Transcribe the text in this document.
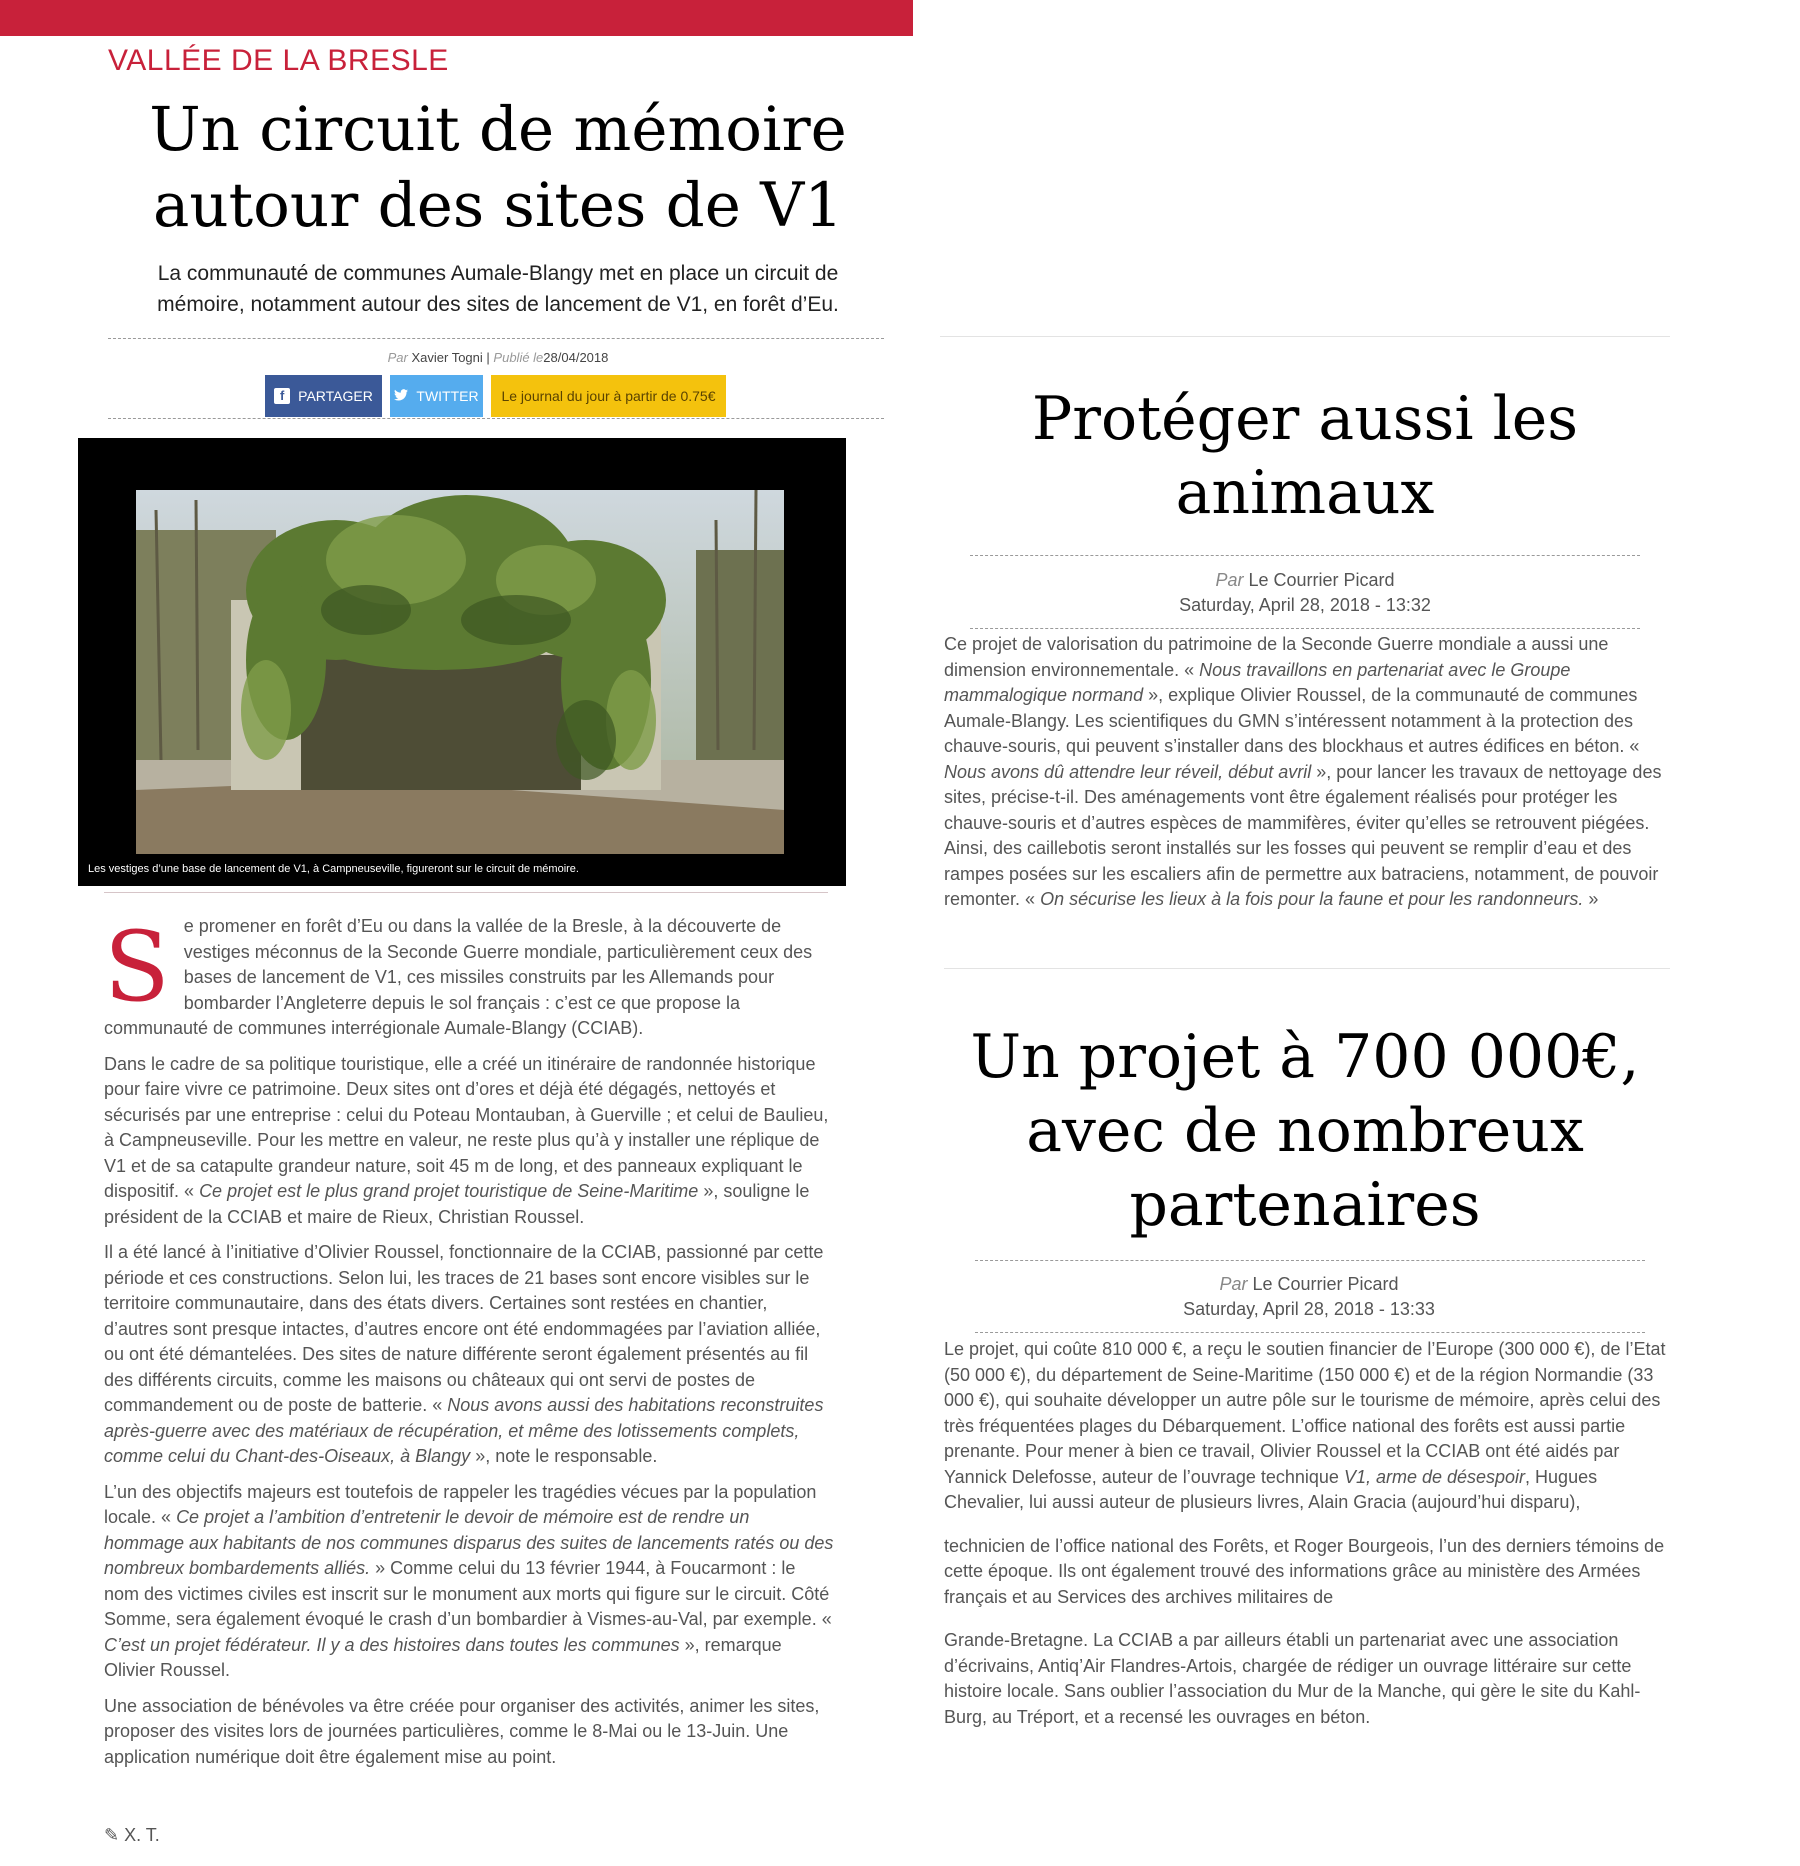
VALLÉE DE LA BRESLE
Un circuit de mémoire
autour des sites de V1
La communauté de communes Aumale-Blangy met en place un circuit de
mémoire, notamment autour des sites de lancement de V1, en forêt d’Eu.
Par Xavier Togni | Publié le28/04/2018
f PARTAGER	TWITTER Le journal du jour à partir de 0.75€
Les vestiges d’une base de lancement de V1, à Campneuseville, figureront sur le circuit de mémoire.

Se promener en forêt d’Eu ou dans la vallée de la Bresle, à la découverte de vestiges méconnus de la Seconde Guerre mondiale, particulièrement ceux des bases de lancement de V1, ces missiles construits par les Allemands pour bombarder l’Angleterre depuis le sol français : c’est ce que propose la communauté de communes interrégionale Aumale-Blangy (CCIAB).

Dans le cadre de sa politique touristique, elle a créé un itinéraire de randonnée historique pour faire vivre ce patrimoine. Deux sites ont d’ores et déjà été dégagés, nettoyés et sécurisés par une entreprise : celui du Poteau Montauban, à Guerville ; et celui de Baulieu, à Campneuseville. Pour les mettre en valeur, ne reste plus qu’à y installer une réplique de V1 et de sa catapulte grandeur nature, soit 45 m de long, et des panneaux expliquant le dispositif. « Ce projet est le plus grand projet touristique de Seine-Maritime », souligne le président de la CCIAB et maire de Rieux, Christian Roussel.

Il a été lancé à l’initiative d’Olivier Roussel, fonctionnaire de la CCIAB, passionné par cette période et ces constructions. Selon lui, les traces de 21 bases sont encore visibles sur le territoire communautaire, dans des états divers. Certaines sont restées en chantier, d’autres sont presque intactes, d’autres encore ont été endommagées par l’aviation alliée, ou ont été démantelées. Des sites de nature différente seront également présentés au fil des différents circuits, comme les maisons ou châteaux qui ont servi de postes de commandement ou de poste de batterie. « Nous avons aussi des habitations reconstruites après-guerre avec des matériaux de récupération, et même des lotissements complets, comme celui du Chant-des-Oiseaux, à Blangy », note le responsable.

L’un des objectifs majeurs est toutefois de rappeler les tragédies vécues par la population locale. « Ce projet a l’ambition d’entretenir le devoir de mémoire est de rendre un hommage aux habitants de nos communes disparus des suites de lancements ratés ou des nombreux bombardements alliés. » Comme celui du 13 février 1944, à Foucarmont : le nom des victimes civiles est inscrit sur le monument aux morts qui figure sur le circuit. Côté Somme, sera également évoqué le crash d’un bombardier à Vismes-au-Val, par exemple. « C’est un projet fédérateur. Il y a des histoires dans toutes les communes », remarque Olivier Roussel.

Une association de bénévoles va être créée pour organiser des activités, animer les sites, proposer des visites lors de journées particulières, comme le 8-Mai ou le 13-Juin. Une application numérique doit être également mise au point.

✎ X. T.
Protéger aussi les
animaux
Par Le Courrier Picard
Saturday, April 28, 2018 - 13:32

Ce projet de valorisation du patrimoine de la Seconde Guerre mondiale a aussi une dimension environnementale. « Nous travaillons en partenariat avec le Groupe mammalogique normand », explique Olivier Roussel, de la communauté de communes Aumale-Blangy. Les scientifiques du GMN s’intéressent notamment à la protection des chauve-souris, qui peuvent s’installer dans des blockhaus et autres édifices en béton. « Nous avons dû attendre leur réveil, début avril », pour lancer les travaux de nettoyage des sites, précise-t-il. Des aménagements vont être également réalisés pour protéger les chauve-souris et d’autres espèces de mammifères, éviter qu’elles se retrouvent piégées. Ainsi, des caillebotis seront installés sur les fosses qui peuvent se remplir d’eau et des rampes posées sur les escaliers afin de permettre aux batraciens, notamment, de pouvoir remonter. « On sécurise les lieux à la fois pour la faune et pour les randonneurs. »

Un projet à 700 000€,
avec de nombreux
partenaires
Par Le Courrier Picard
Saturday, April 28, 2018 - 13:33

Le projet, qui coûte 810 000 €, a reçu le soutien financier de l’Europe (300 000 €), de l’Etat (50 000 €), du département de Seine-Maritime (150 000 €) et de la région Normandie (33 000 €), qui souhaite développer un autre pôle sur le tourisme de mémoire, après celui des très fréquentées plages du Débarquement. L’office national des forêts est aussi partie prenante. Pour mener à bien ce travail, Olivier Roussel et la CCIAB ont été aidés par Yannick Delefosse, auteur de l’ouvrage technique V1, arme de désespoir, Hugues Chevalier, lui aussi auteur de plusieurs livres, Alain Gracia (aujourd’hui disparu),

technicien de l’office national des Forêts, et Roger Bourgeois, l’un des derniers témoins de cette époque. Ils ont également trouvé des informations grâce au ministère des Armées français et au Services des archives militaires de

Grande-Bretagne. La CCIAB a par ailleurs établi un partenariat avec une association d’écrivains, Antiq’Air Flandres-Artois, chargée de rédiger un ouvrage littéraire sur cette histoire locale. Sans oublier l’association du Mur de la Manche, qui gère le site du Kahl-Burg, au Tréport, et a recensé les ouvrages en béton.
